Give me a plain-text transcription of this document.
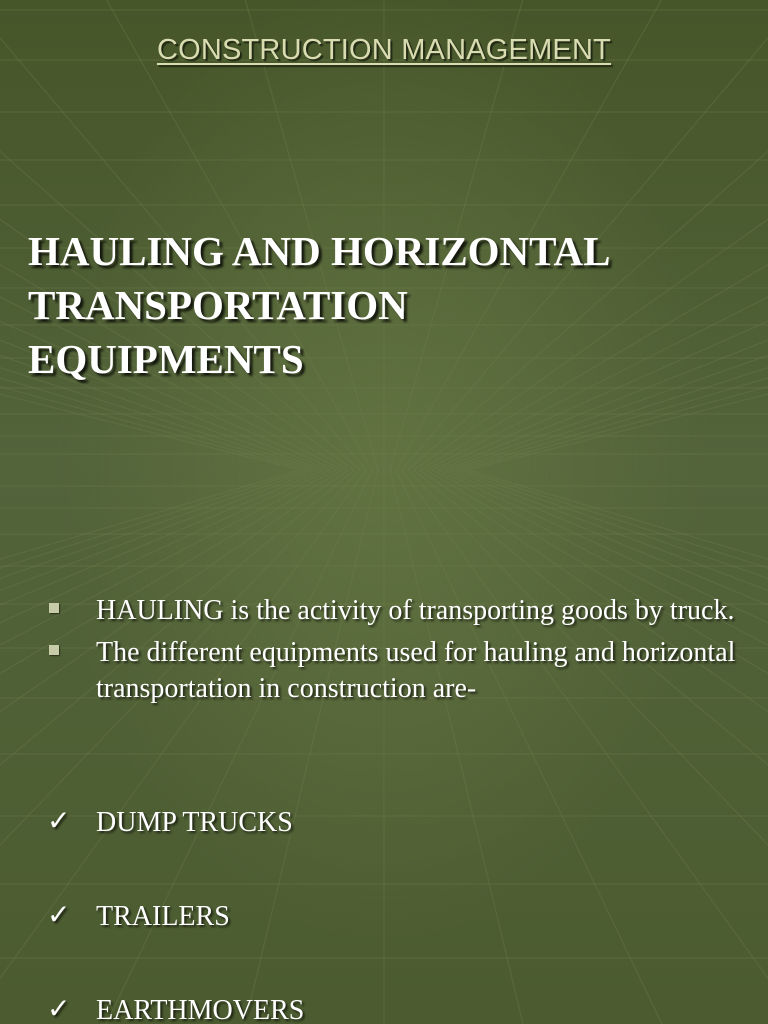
CONSTRUCTION MANAGEMENT
HAULING AND HORIZONTAL
TRANSPORTATION
EQUIPMENTS
HAULING is the activity of transporting goods by truck.
The different equipments used for hauling and horizontal transportation in construction are-
✓ DUMP TRUCKS
✓ TRAILERS
✓ EARTHMOVERS
